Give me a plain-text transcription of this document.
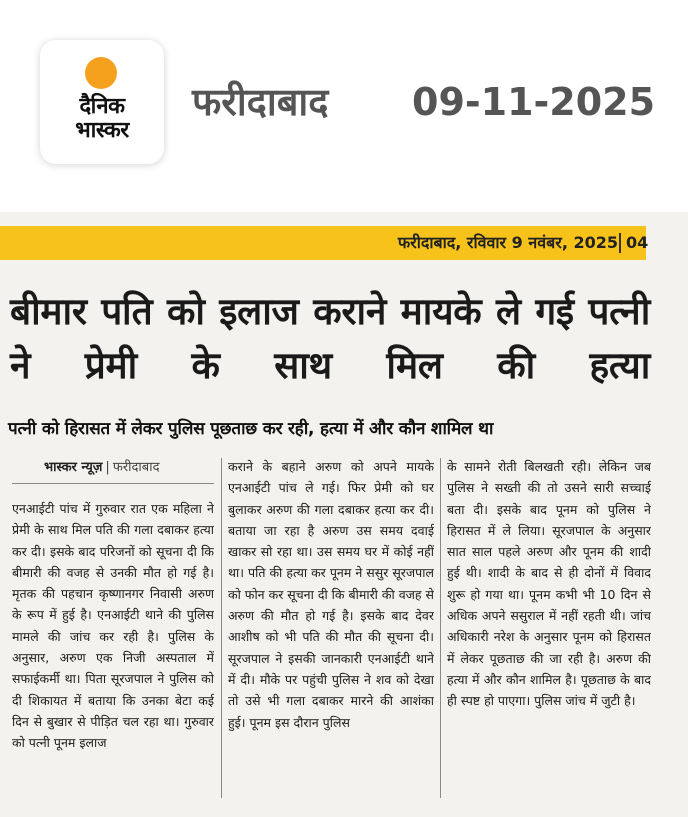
दैनिक
भास्कर
फरीदाबाद 09-11-2025
फरीदाबाद, रविवार 9 नवंबर, 2025 04
बीमार पति को इलाज कराने मायके ले गई पत्नी ने प्रेमी के साथ मिल की हत्या
पत्नी को हिरासत में लेकर पुलिस पूछताछ कर रही, हत्या में और कौन शामिल था
भास्कर न्यूज़ | फरीदाबाद

एनआईटी पांच में गुरुवार रात एक महिला ने प्रेमी के साथ मिल पति की गला दबाकर हत्या कर दी। इसके बाद परिजनों को सूचना दी कि बीमारी की वजह से उनकी मौत हो गई है। मृतक की पहचान कृष्णानगर निवासी अरुण के रूप में हुई है। एनआईटी थाने की पुलिस मामले की जांच कर रही है। पुलिस के अनुसार, अरुण एक निजी अस्पताल में सफाईकर्मी था। पिता सूरजपाल ने पुलिस को दी शिकायत में बताया कि उनका बेटा कई दिन से बुखार से पीड़ित चल रहा था। गुरुवार को पत्नी पूनम इलाज

कराने के बहाने अरुण को अपने मायके एनआईटी पांच ले गई। फिर प्रेमी को घर बुलाकर अरुण की गला दबाकर हत्या कर दी। बताया जा रहा है अरुण उस समय दवाई खाकर सो रहा था। उस समय घर में कोई नहीं था। पति की हत्या कर पूनम ने ससुर सूरजपाल को फोन कर सूचना दी कि बीमारी की वजह से अरुण की मौत हो गई है। इसके बाद देवर आशीष को भी पति की मौत की सूचना दी। सूरजपाल ने इसकी जानकारी एनआईटी थाने में दी। मौके पर पहुंची पुलिस ने शव को देखा तो उसे भी गला दबाकर मारने की आशंका हुई। पूनम इस दौरान पुलिस

के सामने रोती बिलखती रही। लेकिन जब पुलिस ने सख्ती की तो उसने सारी सच्चाई बता दी। इसके बाद पूनम को पुलिस ने हिरासत में ले लिया। सूरजपाल के अनुसार सात साल पहले अरुण और पूनम की शादी हुई थी। शादी के बाद से ही दोनों में विवाद शुरू हो गया था। पूनम कभी भी 10 दिन से अधिक अपने ससुराल में नहीं रहती थी। जांच अधिकारी नरेश के अनुसार पूनम को हिरासत में लेकर पूछताछ की जा रही है। अरुण की हत्या में और कौन शामिल है। पूछताछ के बाद ही स्पष्ट हो पाएगा। पुलिस जांच में जुटी है।
